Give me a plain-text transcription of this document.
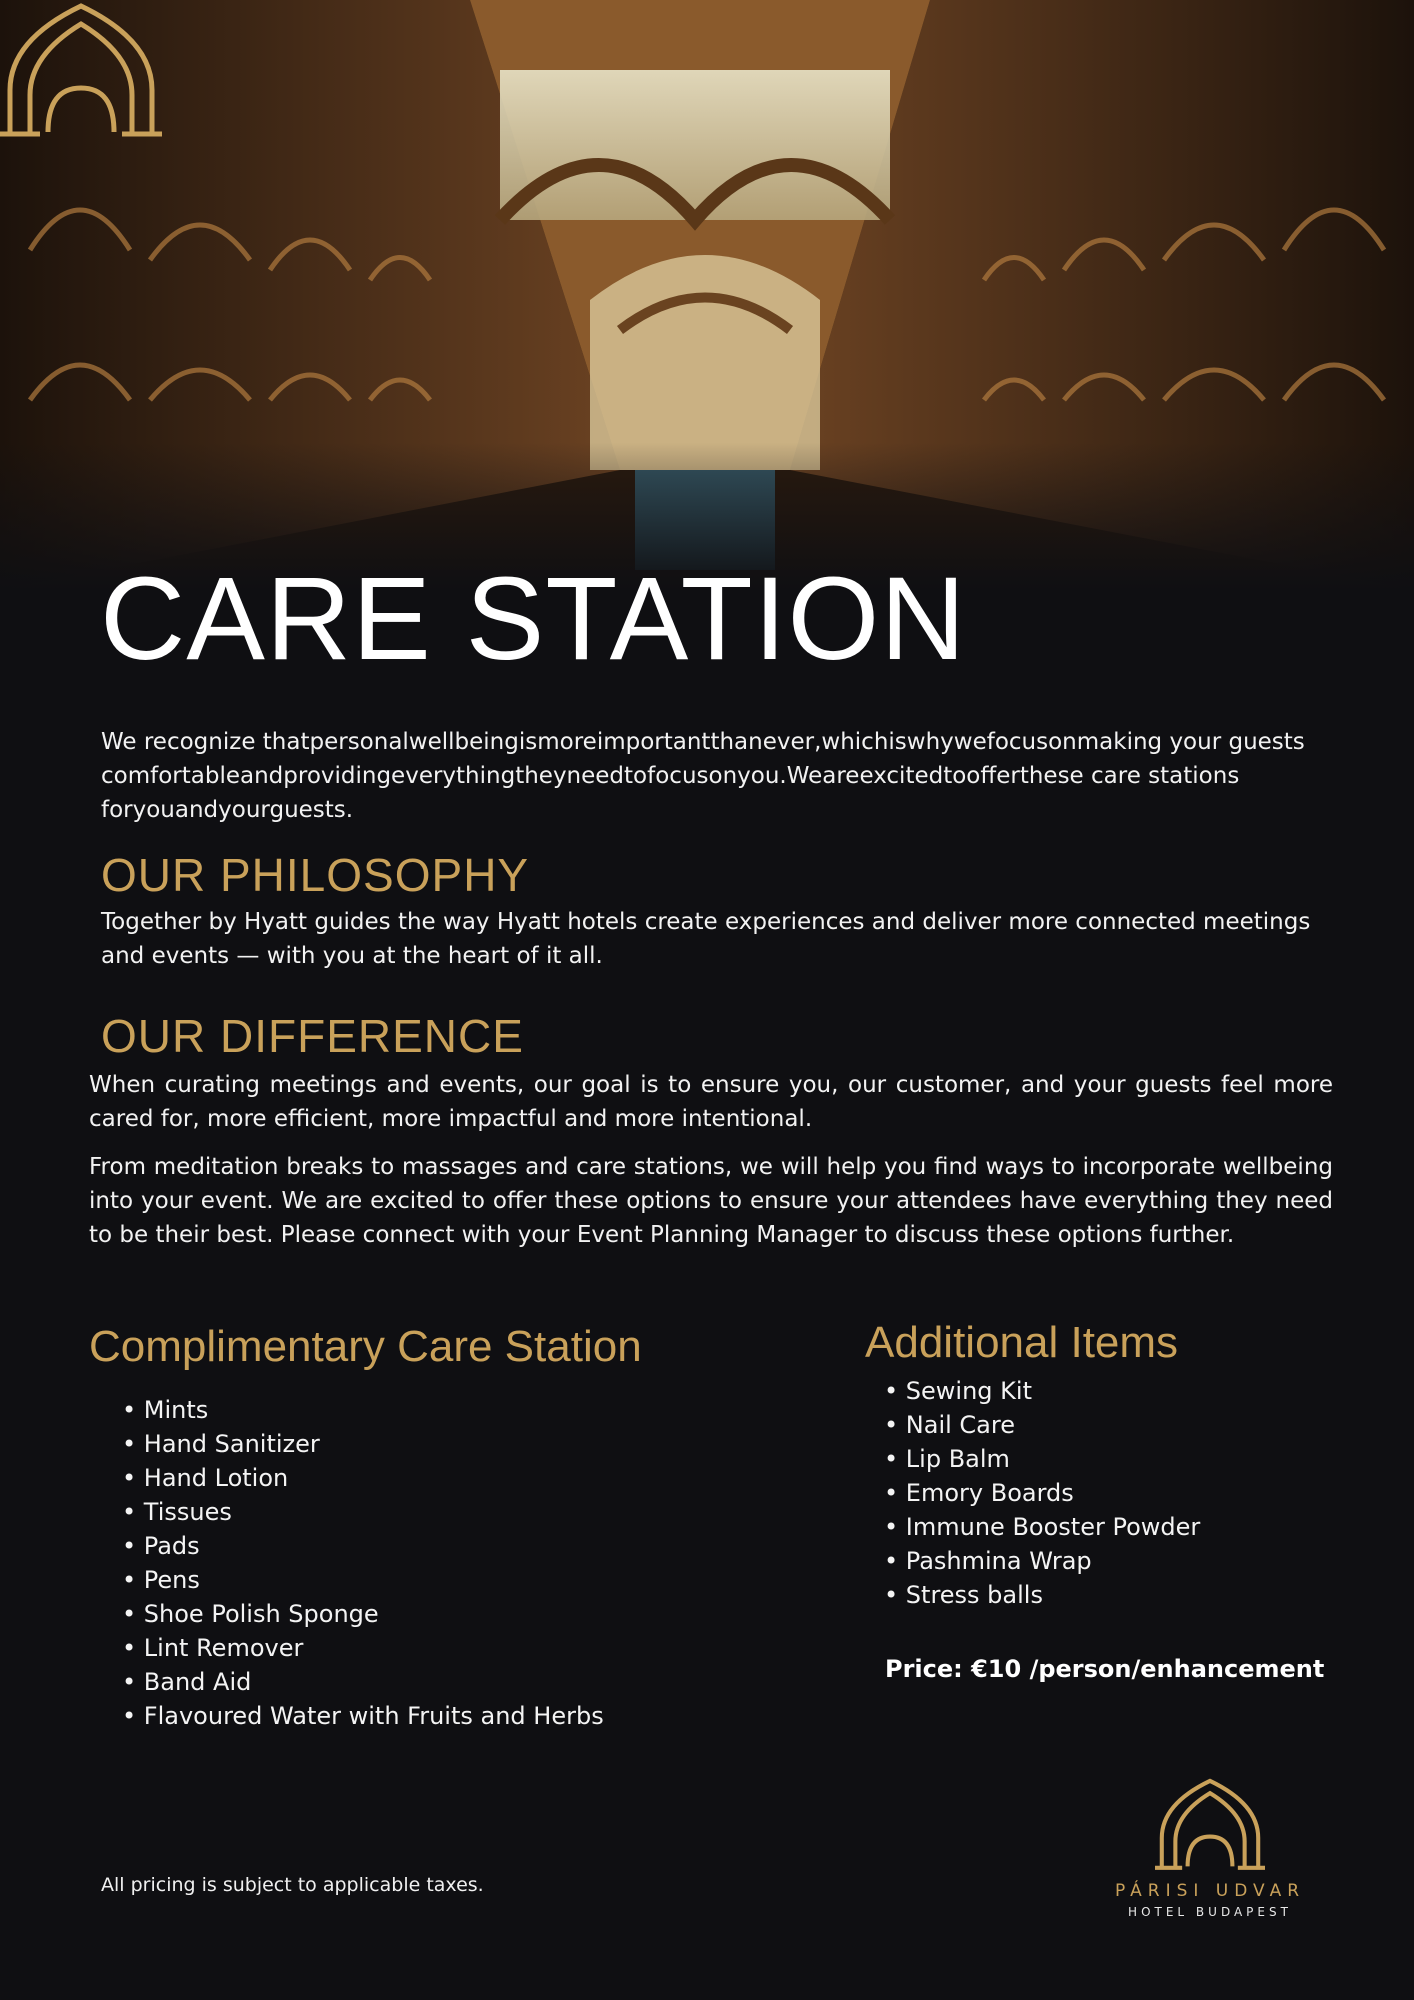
CARE STATION

We recognize thatpersonalwellbeingismoreimportantthanever,whichiswhywefocusonmaking your guests comfortableandprovidingeverythingtheyneedtofocusonyou.Weareexcitedtoofferthese care stations foryouandyourguests.

OUR PHILOSOPHY

Together by Hyatt guides the way Hyatt hotels create experiences and deliver more connected meetings and events — with you at the heart of it all.

OUR DIFFERENCE

When curating meetings and events, our goal is to ensure you, our customer, and your guests feel more cared for, more efficient, more impactful and more intentional.

From meditation breaks to massages and care stations, we will help you find ways to incorporate wellbeing into your event. We are excited to offer these options to ensure your attendees have everything they need to be their best. Please connect with your Event Planning Manager to discuss these options further.

Complimentary Care Station
• Mints
• Hand Sanitizer
• Hand Lotion
• Tissues
• Pads
• Pens
• Shoe Polish Sponge
• Lint Remover
• Band Aid
• Flavoured Water with Fruits and Herbs
Additional Items
• Sewing Kit
• Nail Care
• Lip Balm
• Emory Boards
• Immune Booster Powder
• Pashmina Wrap
• Stress balls

Price: €10 /person/enhancement

All pricing is subject to applicable taxes.	PÁRISI UDVAR
HOTEL BUDAPEST
